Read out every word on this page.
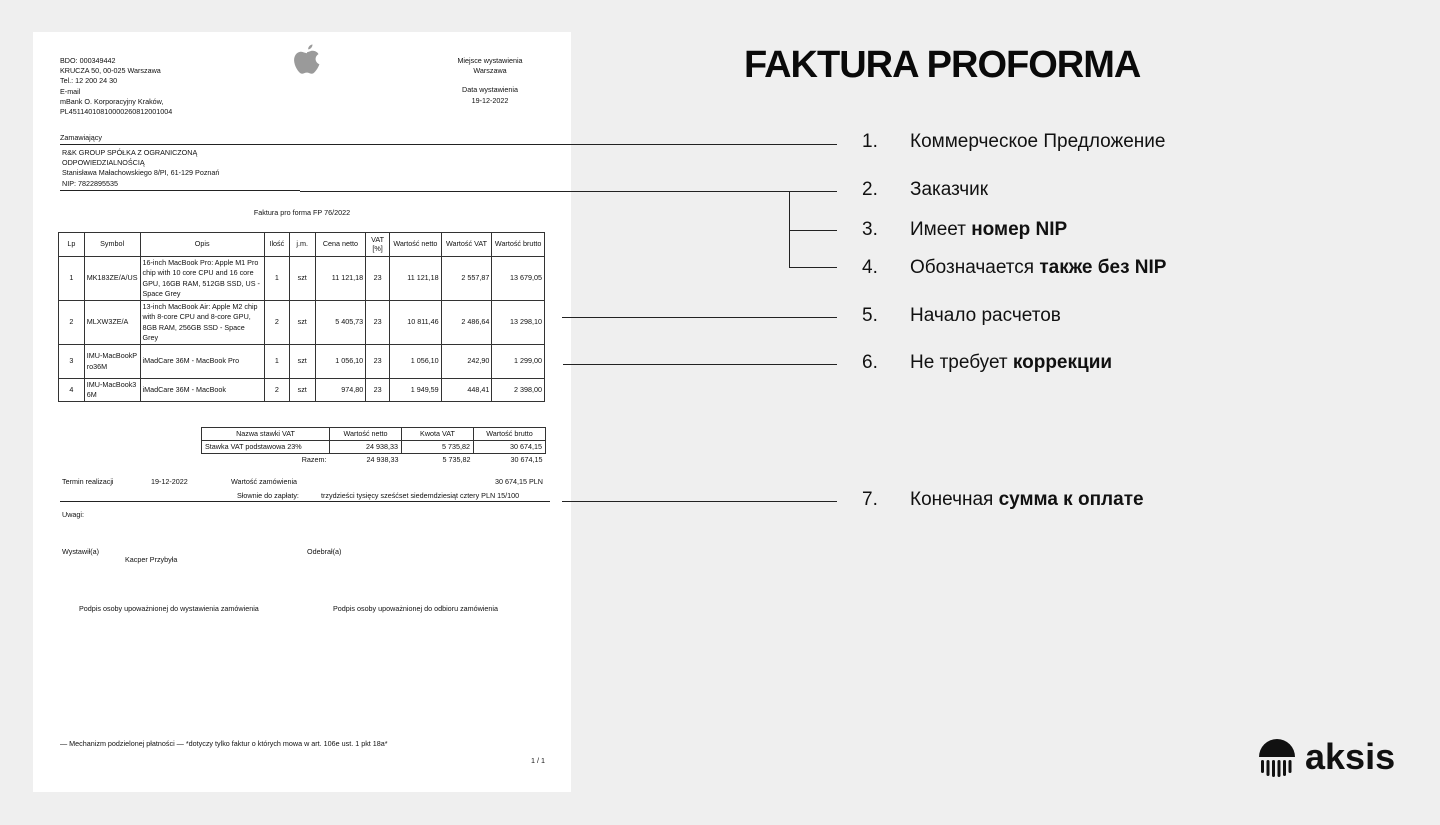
BDO: 000349442
KRUCZA 50, 00-025 Warszawa
Tel.: 12 200 24 30
E-mail
mBank O. Korporacyjny Kraków,
PL45114010810000260812001004
Miejsce wystawienia
Warszawa
Data wystawienia
19-12-2022
Zamawiający
R&K GROUP SPÓŁKA Z OGRANICZONĄ
ODPOWIEDZIALNOŚCIĄ
Stanisława Małachowskiego 8/PI, 61-129 Poznań
NIP: 7822895535
Faktura pro forma FP 76/2022
Lp	Symbol	Opis	Ilość	j.m.	Cena netto	VAT [%]	Wartość netto	Wartość VAT	Wartość brutto
1	MK183ZE/A/US	16-inch MacBook Pro: Apple M1 Pro chip with 10 core CPU and 16 core GPU, 16GB RAM, 512GB SSD, US - Space Grey	1	szt	11 121,18	23	11 121,18	2 557,87	13 679,05
2	MLXW3ZE/A	13-inch MacBook Air: Apple M2 chip with 8-core CPU and 8-core GPU, 8GB RAM, 256GB SSD - Space Grey	2	szt	5 405,73	23	10 811,46	2 486,64	13 298,10
3	IMU-MacBookPro36M	iMadCare 36M - MacBook Pro	1	szt	1 056,10	23	1 056,10	242,90	1 299,00
4	IMU-MacBook36M	iMadCare 36M - MacBook	2	szt	974,80	23	1 949,59	448,41	2 398,00
Nazwa stawki VAT	Wartość netto	Kwota VAT	Wartość brutto
Stawka VAT podstawowa 23%	24 938,33	5 735,82	30 674,15
Razem:	24 938,33	5 735,82	30 674,15
Termin realizacji	19-12-2022	Wartość zamówienia	30 674,15 PLN
Słownie do zapłaty:	trzydzieści tysięcy sześćset siedemdziesiąt cztery PLN 15/100
Uwagi:
Wystawił(a)
Kacper Przybyła
Odebrał(a)
Podpis osoby upoważnionej do wystawienia zamówienia	Podpis osoby upoważnionej do odbioru zamówienia
— Mechanizm podzielonej płatności — *dotyczy tylko faktur o których mowa w art. 106e ust. 1 pkt 18a*
1 / 1
FAKTURA PROFORMA
1. Коммерческое Предложение
2. Заказчик
3. Имеет номер NIP
4. Обозначается также без NIP
5. Начало расчетов
6. Не требует коррекции
7. Конечная сумма к оплате
aksis
